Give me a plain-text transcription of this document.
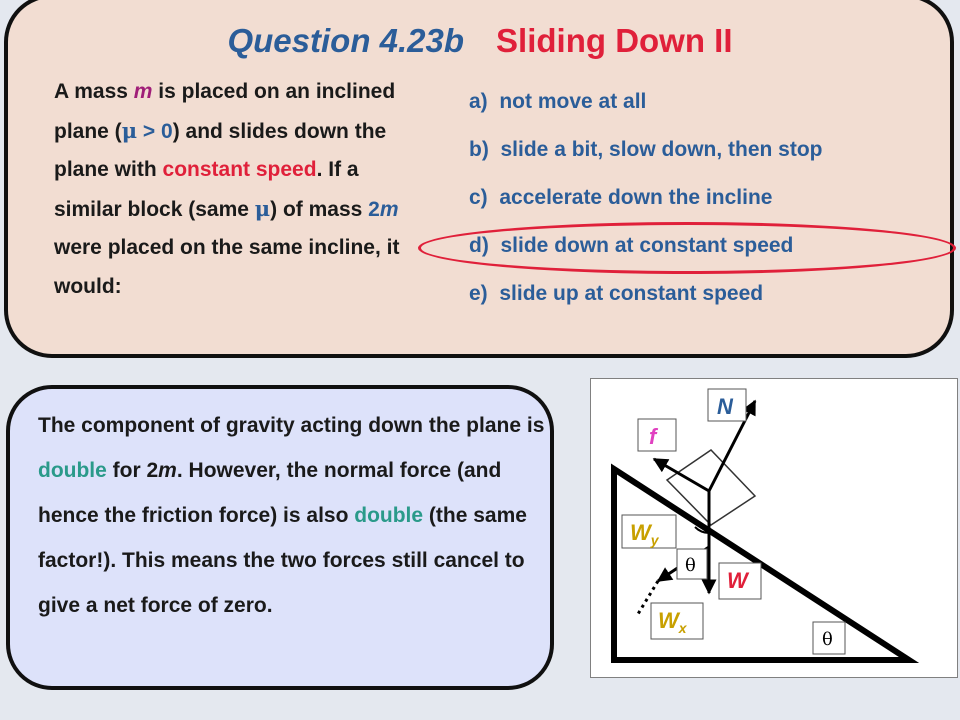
Question 4.23b Sliding Down II
A mass m is placed on an inclined plane (μ > 0) and slides down the plane with constant speed. If a similar block (same μ) of mass 2m were placed on the same incline, it would:
a) not move at all
b) slide a bit, slow down, then stop
c) accelerate down the incline
d) slide down at constant speed
e) slide up at constant speed
The component of gravity acting down the plane is double for 2m. However, the normal force (and hence the friction force) is also double (the same factor!). This means the two forces still cancel to give a net force of zero.
N
f
$W_y$
θ
W
$W_x$
θ
